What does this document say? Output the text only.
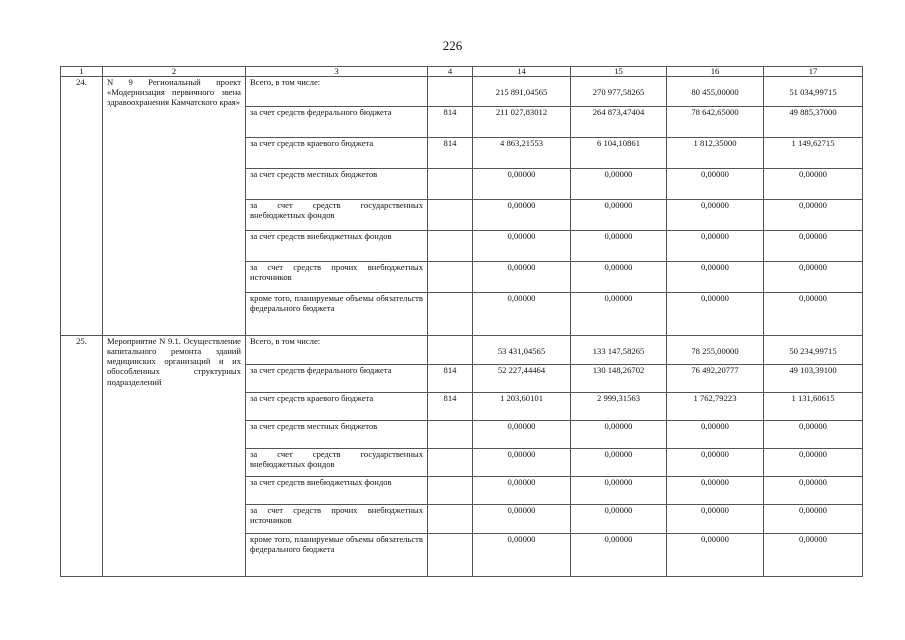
226
1	2	3	4	14	15	16	17
24.	N 9 Региональный проект «Модернизация первичного звена здравоохранения Камчатского края»	Всего, в том числе:		215 891,04565	270 977,58265	80 455,00000	51 034,99715
		за счет средств федерального бюджета	814	211 027,83012	264 873,47404	78 642,65000	49 885,37000
		за счет средств краевого бюджета	814	4 863,21553	6 104,10861	1 812,35000	1 149,62715
		за счет средств местных бюджетов		0,00000	0,00000	0,00000	0,00000
		за счет средств государственных внебюджетных фондов		0,00000	0,00000	0,00000	0,00000
		за счет средств внебюджетных фондов		0,00000	0,00000	0,00000	0,00000
		за счет средств прочих внебюджетных источников		0,00000	0,00000	0,00000	0,00000
		кроме того, планируемые объемы обязательств федерального бюджета		0,00000	0,00000	0,00000	0,00000
25.	Мероприятие N 9.1. Осуществление капитального ремонта зданий медицинских организаций и их обособленных структурных подразделений	Всего, в том числе:		53 431,04565	133 147,58265	78 255,00000	50 234,99715
		за счет средств федерального бюджета	814	52 227,44464	130 148,26702	76 492,20777	49 103,39100
		за счет средств краевого бюджета	814	1 203,60101	2 999,31563	1 762,79223	1 131,60615
		за счет средств местных бюджетов		0,00000	0,00000	0,00000	0,00000
		за счет средств государственных внебюджетных фондов		0,00000	0,00000	0,00000	0,00000
		за счет средств внебюджетных фондов		0,00000	0,00000	0,00000	0,00000
		за счет средств прочих внебюджетных источников		0,00000	0,00000	0,00000	0,00000
		кроме того, планируемые объемы обязательств федерального бюджета		0,00000	0,00000	0,00000	0,00000
